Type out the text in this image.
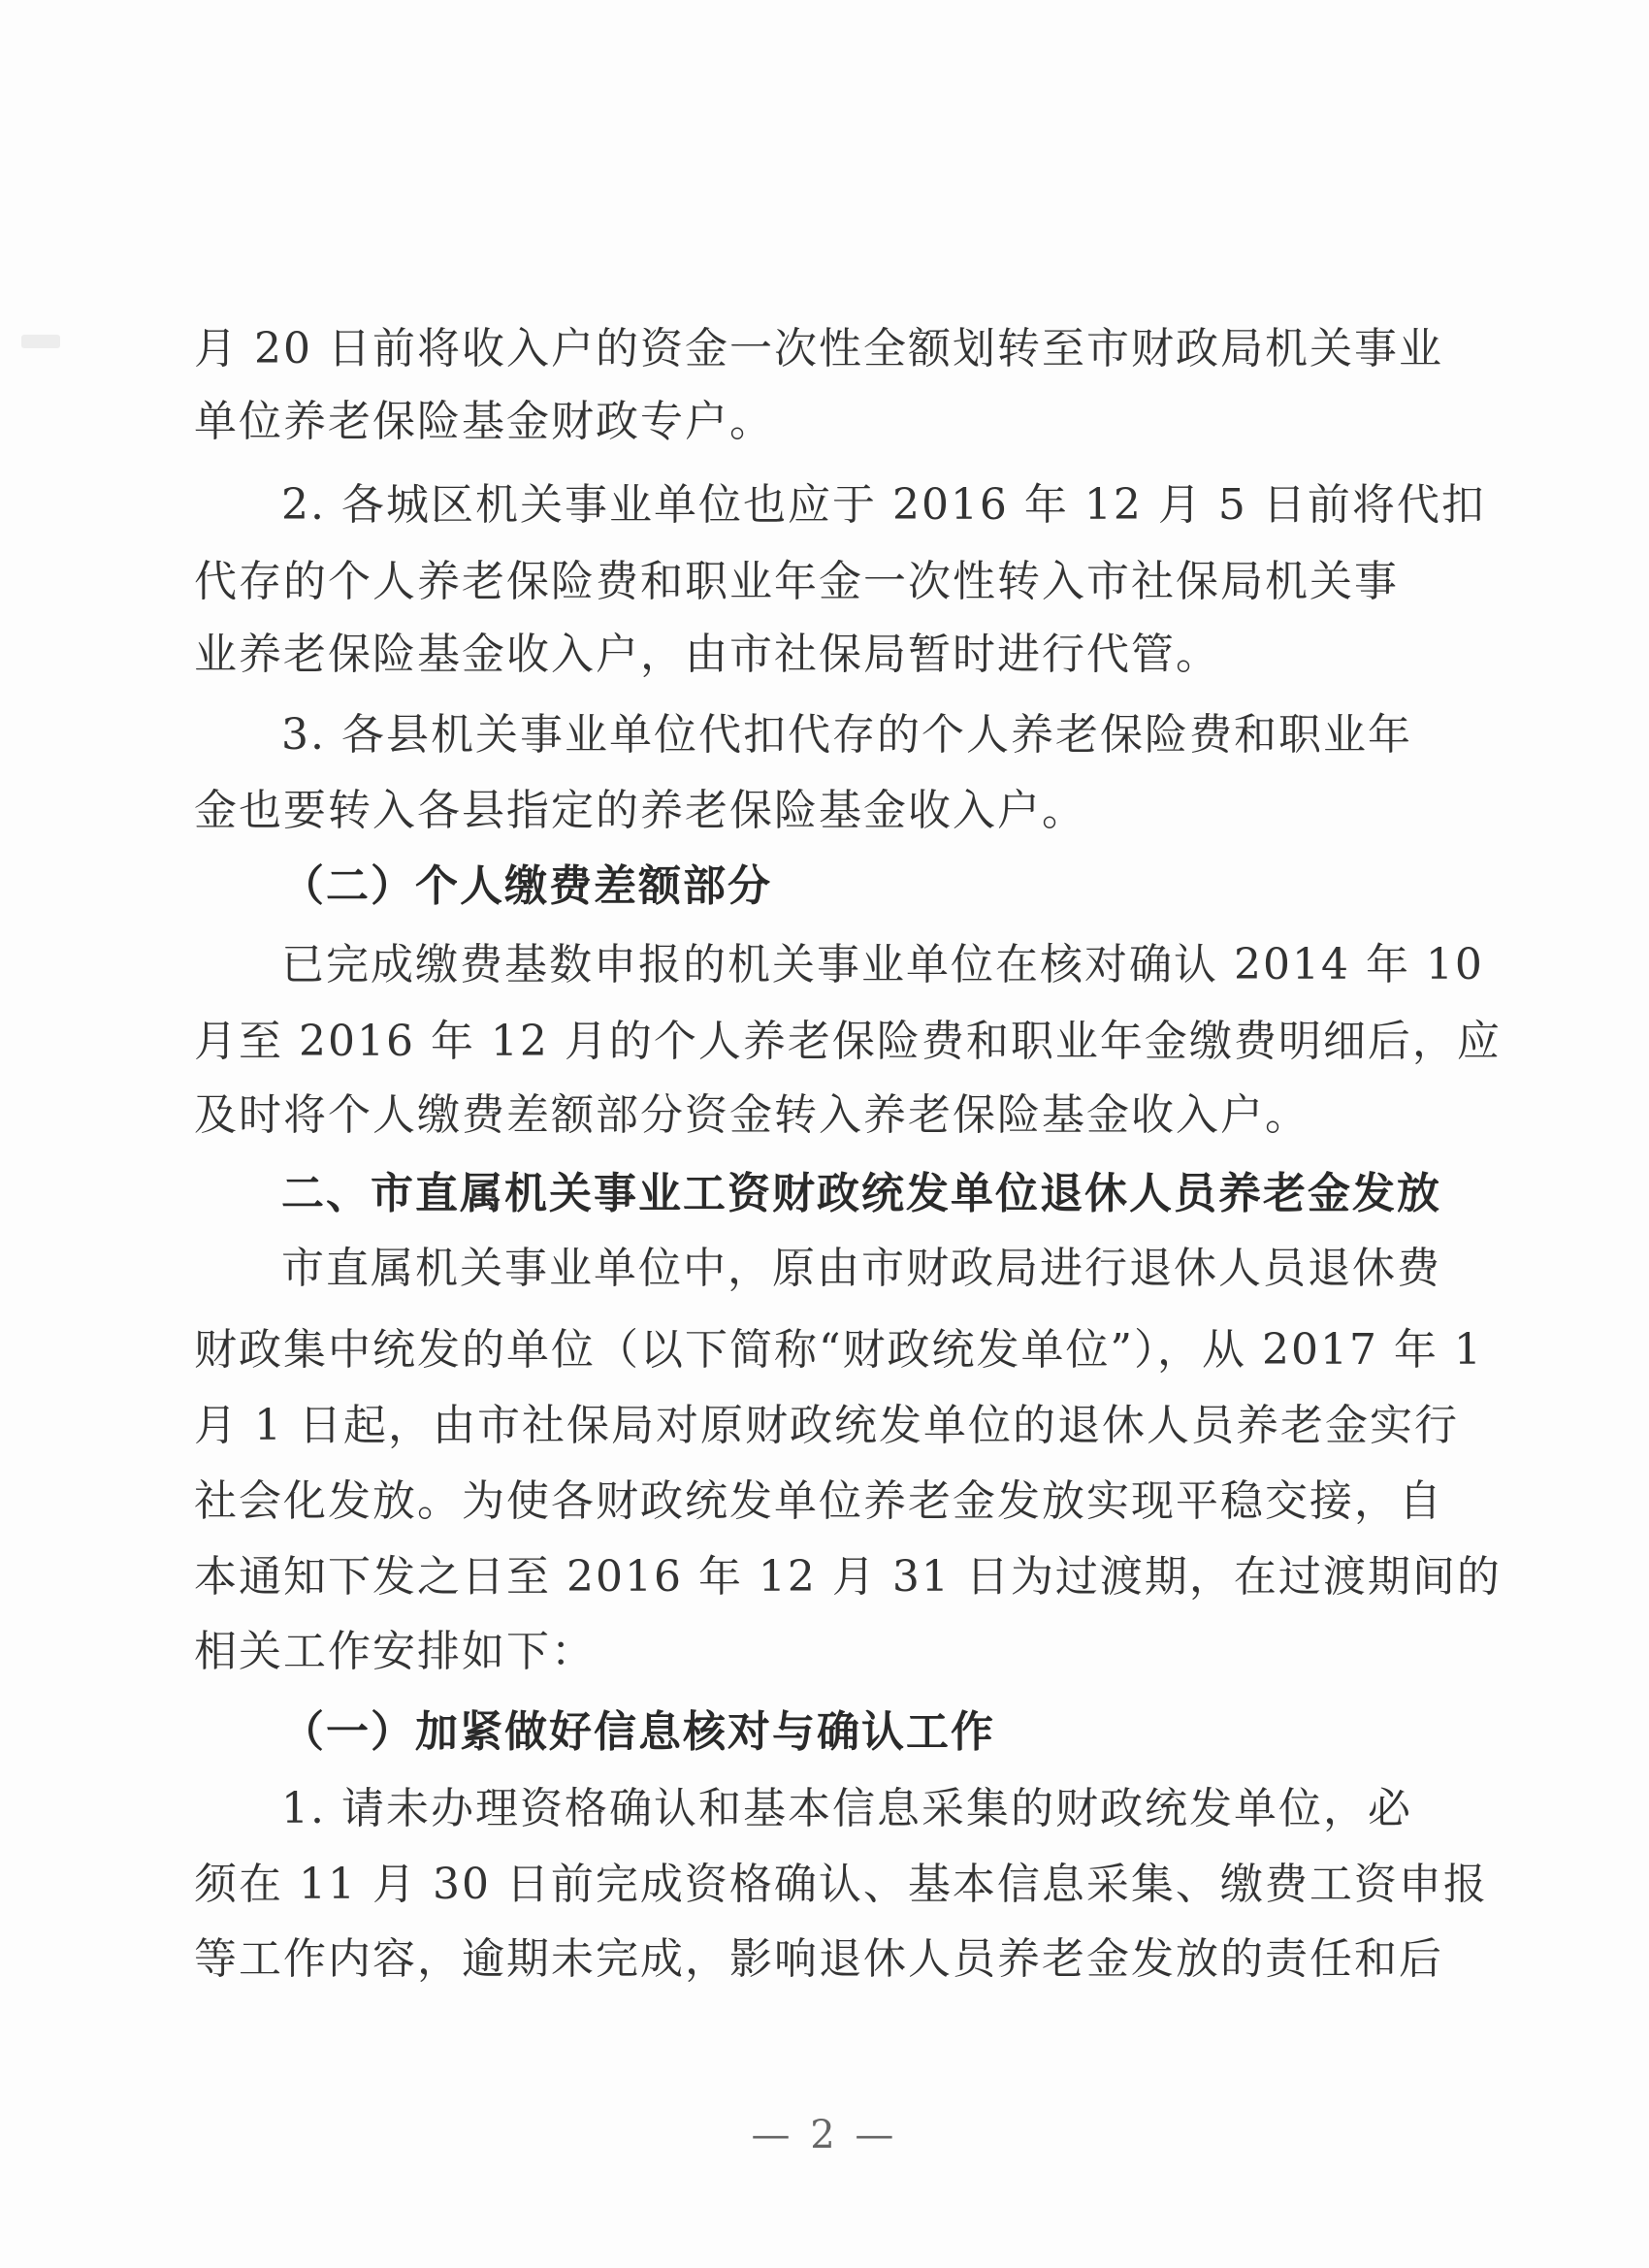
月 20 日前将收入户的资金一次性全额划转至市财政局机关事业
单位养老保险基金财政专户。
2. 各城区机关事业单位也应于 2016 年 12 月 5 日前将代扣
代存的个人养老保险费和职业年金一次性转入市社保局机关事
业养老保险基金收入户，由市社保局暂时进行代管。
3. 各县机关事业单位代扣代存的个人养老保险费和职业年
金也要转入各县指定的养老保险基金收入户。
（二）个人缴费差额部分
已完成缴费基数申报的机关事业单位在核对确认 2014 年 10
月至 2016 年 12 月的个人养老保险费和职业年金缴费明细后，应
及时将个人缴费差额部分资金转入养老保险基金收入户。
二、市直属机关事业工资财政统发单位退休人员养老金发放
市直属机关事业单位中，原由市财政局进行退休人员退休费
财政集中统发的单位（以下简称“财政统发单位”），从 2017 年 1
月 1 日起，由市社保局对原财政统发单位的退休人员养老金实行
社会化发放。为使各财政统发单位养老金发放实现平稳交接，自
本通知下发之日至 2016 年 12 月 31 日为过渡期，在过渡期间的
相关工作安排如下：
（一）加紧做好信息核对与确认工作
1. 请未办理资格确认和基本信息采集的财政统发单位，必
须在 11 月 30 日前完成资格确认、基本信息采集、缴费工资申报
等工作内容，逾期未完成，影响退休人员养老金发放的责任和后
— 2 —
